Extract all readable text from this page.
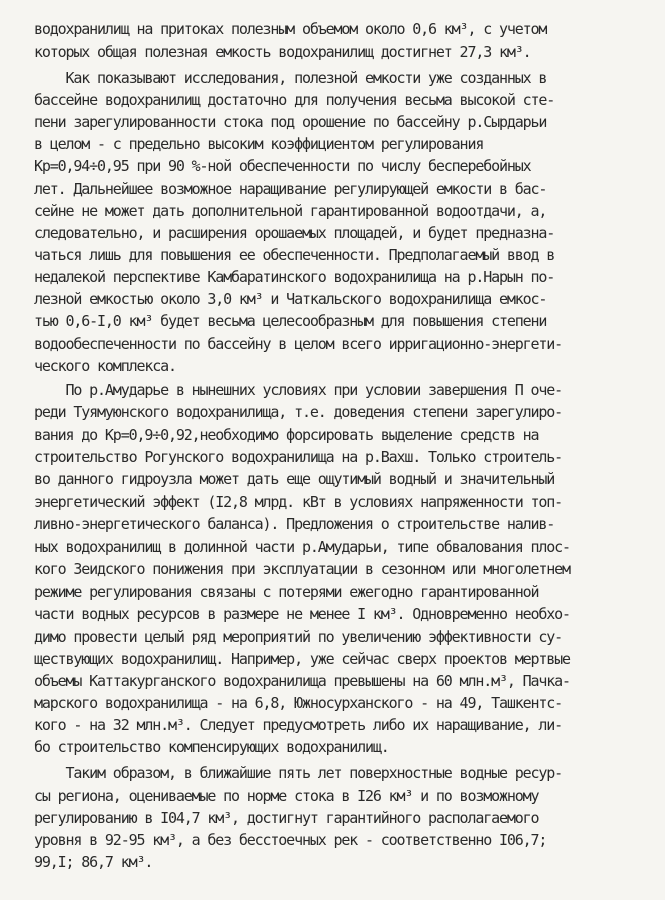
водохранилищ на притоках полезным объемом около 0,6 км³, с учетом
которых общая полезная емкость водохранилищ достигнет 27,3 км³.
Как показывают исследования, полезной емкости уже созданных в
бассейне водохранилищ достаточно для получения весьма высокой сте-
пени зарегулированности стока под орошение по бассейну р.Сырдарьи
в целом - с предельно высоким коэффициентом регулирования
Kр=0,94÷0,95 при 90 %-ной обеспеченности по числу бесперебойных
лет. Дальнейшее возможное наращивание регулирующей емкости в бас-
сейне не может дать дополнительной гарантированной водоотдачи, а,
следовательно, и расширения орошаемых площадей, и будет предназна-
чаться лишь для повышения ее обеспеченности. Предполагаемый ввод в
недалекой перспективе Камбаратинского водохранилища на р.Нарын по-
лезной емкостью около 3,0 км³ и Чаткальского водохранилища емкос-
тью 0,6-I,0 км³ будет весьма целесообразным для повышения степени
водообеспеченности по бассейну в целом всего ирригационно-энергети-
ческого комплекса.
По р.Амударье в нынешних условиях при условии завершения П оче-
реди Туямуюнского водохранилища, т.е. доведения степени зарегулиро-
вания до Kр=0,9÷0,92,необходимо форсировать выделение средств на
строительство Рогунского водохранилища на р.Вахш. Только строитель-
во данного гидроузла может дать еще ощутимый водный и значительный
энергетический эффект (I2,8 млрд. кВт в условиях напряженности топ-
ливно-энергетического баланса). Предложения о строительстве налив-
ных водохранилищ в долинной части р.Амударьи, типе обвалования плос-
кого Зеидского понижения при эксплуатации в сезонном или многолетнем
режиме регулирования связаны с потерями ежегодно гарантированной
части водных ресурсов в размере не менее I км³. Одновременно необхо-
димо провести целый ряд мероприятий по увеличению эффективности су-
ществующих водохранилищ. Например, уже сейчас сверх проектов мертвые
объемы Каттакурганского водохранилища превышены на 60 млн.м³, Пачка-
марского водохранилища - на 6,8, Южносурханского - на 49, Ташкентс-
кого - на 32 млн.м³. Следует предусмотреть либо их наращивание, ли-
бо строительство компенсирующих водохранилищ.
Таким образом, в ближайшие пять лет поверхностные водные ресур-
сы региона, оцениваемые по норме стока в I26 км³ и по возможному
регулированию в I04,7 км³, достигнут гарантийного располагаемого
уровня в 92-95 км³, а без бесстоечных рек - соответственно I06,7;
99,I; 86,7 км³.
